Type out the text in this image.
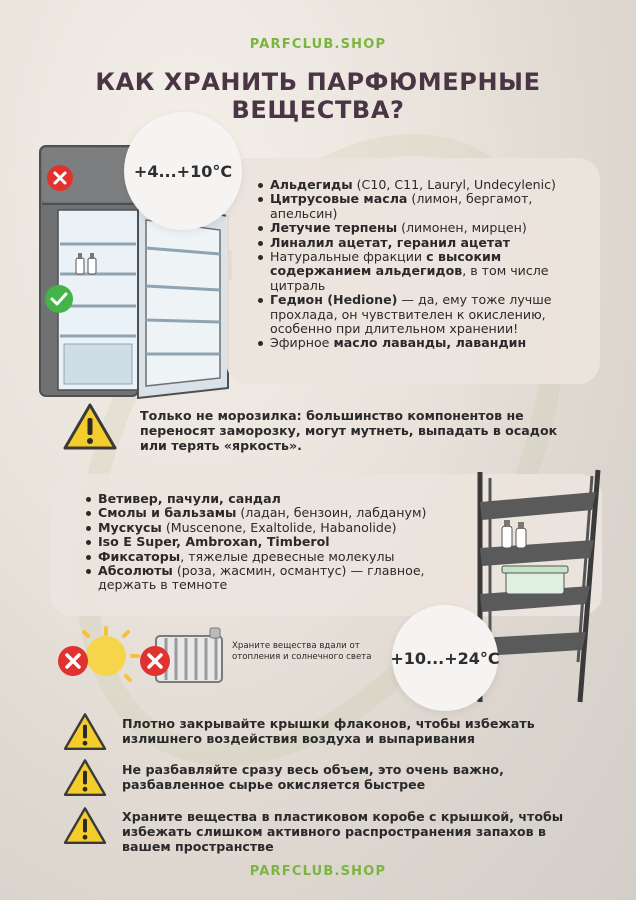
PARFCLUB.SHOP
КАК ХРАНИТЬ ПАРФЮМЕРНЫЕ
ВЕЩЕСТВА?
+4...+10°C
Альдегиды (C10, C11, Lauryl, Undecylenic)
Цитрусовые масла (лимон, бергамот, апельсин)
Летучие терпены (лимонен, мирцен)
Линалил ацетат, геранил ацетат
Натуральные фракции с высоким содержанием альдегидов, в том числе цитраль
Гедион (Hedione) — да, ему тоже лучше прохлада, он чувствителен к окислению, особенно при длительном хранении!
Эфирное масло лаванды, лавандин
Только не морозилка: большинство компонентов не переносят заморозку, могут мутнеть, выпадать в осадок или терять «яркость».
Ветивер, пачули, сандал
Смолы и бальзамы (ладан, бензоин, лабданум)
Мускусы (Muscenone, Exaltolide, Habanolide)
Iso E Super, Ambroxan, Timberol
Фиксаторы, тяжелые древесные молекулы
Абсолюты (роза, жасмин, османтус) — главное, держать в темноте
Храните вещества вдали от отопления и солнечного света	+10...+24°C
Плотно закрывайте крышки флаконов, чтобы избежать излишнего воздействия воздуха и выпаривания
Не разбавляйте сразу весь объем, это очень важно, разбавленное сырье окисляется быстрее
Храните вещества в пластиковом коробе с крышкой, чтобы избежать слишком активного распространения запахов в вашем пространстве
PARFCLUB.SHOP
